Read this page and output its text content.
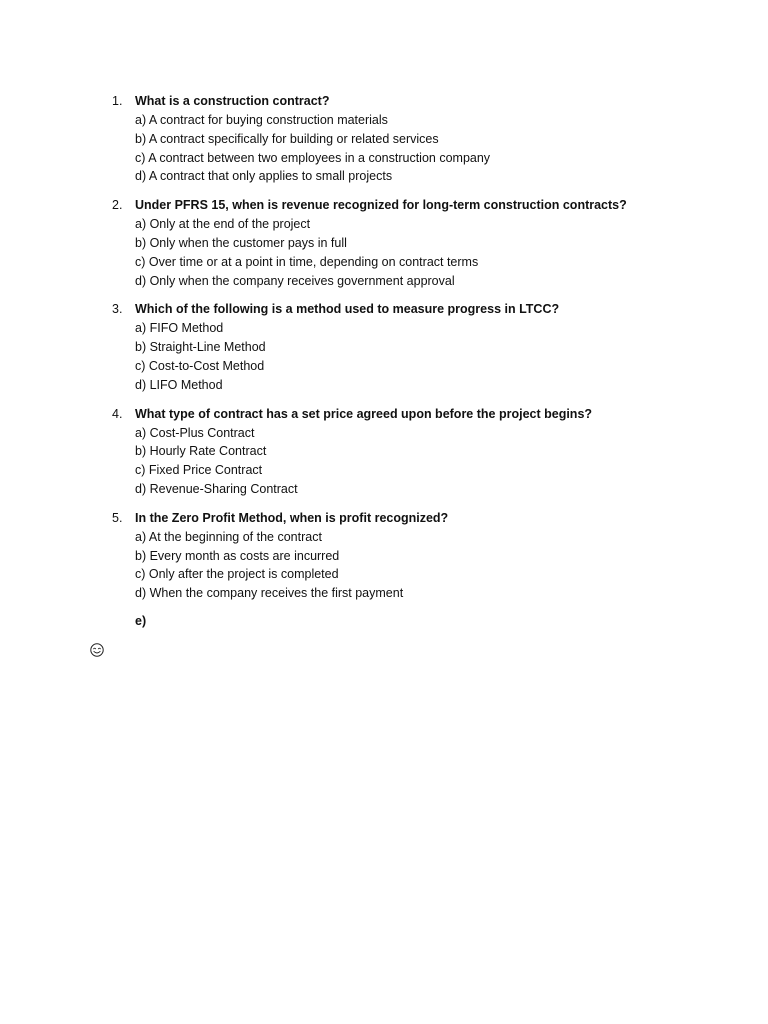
1. What is a construction contract?
a) A contract for buying construction materials
b) A contract specifically for building or related services
c) A contract between two employees in a construction company
d) A contract that only applies to small projects
2. Under PFRS 15, when is revenue recognized for long-term construction contracts?
a) Only at the end of the project
b) Only when the customer pays in full
c) Over time or at a point in time, depending on contract terms
d) Only when the company receives government approval
3. Which of the following is a method used to measure progress in LTCC?
a) FIFO Method
b) Straight-Line Method
c) Cost-to-Cost Method
d) LIFO Method
4. What type of contract has a set price agreed upon before the project begins?
a) Cost-Plus Contract
b) Hourly Rate Contract
c) Fixed Price Contract
d) Revenue-Sharing Contract
5. In the Zero Profit Method, when is profit recognized?
a) At the beginning of the contract
b) Every month as costs are incurred
c) Only after the project is completed
d) When the company receives the first payment
e)
